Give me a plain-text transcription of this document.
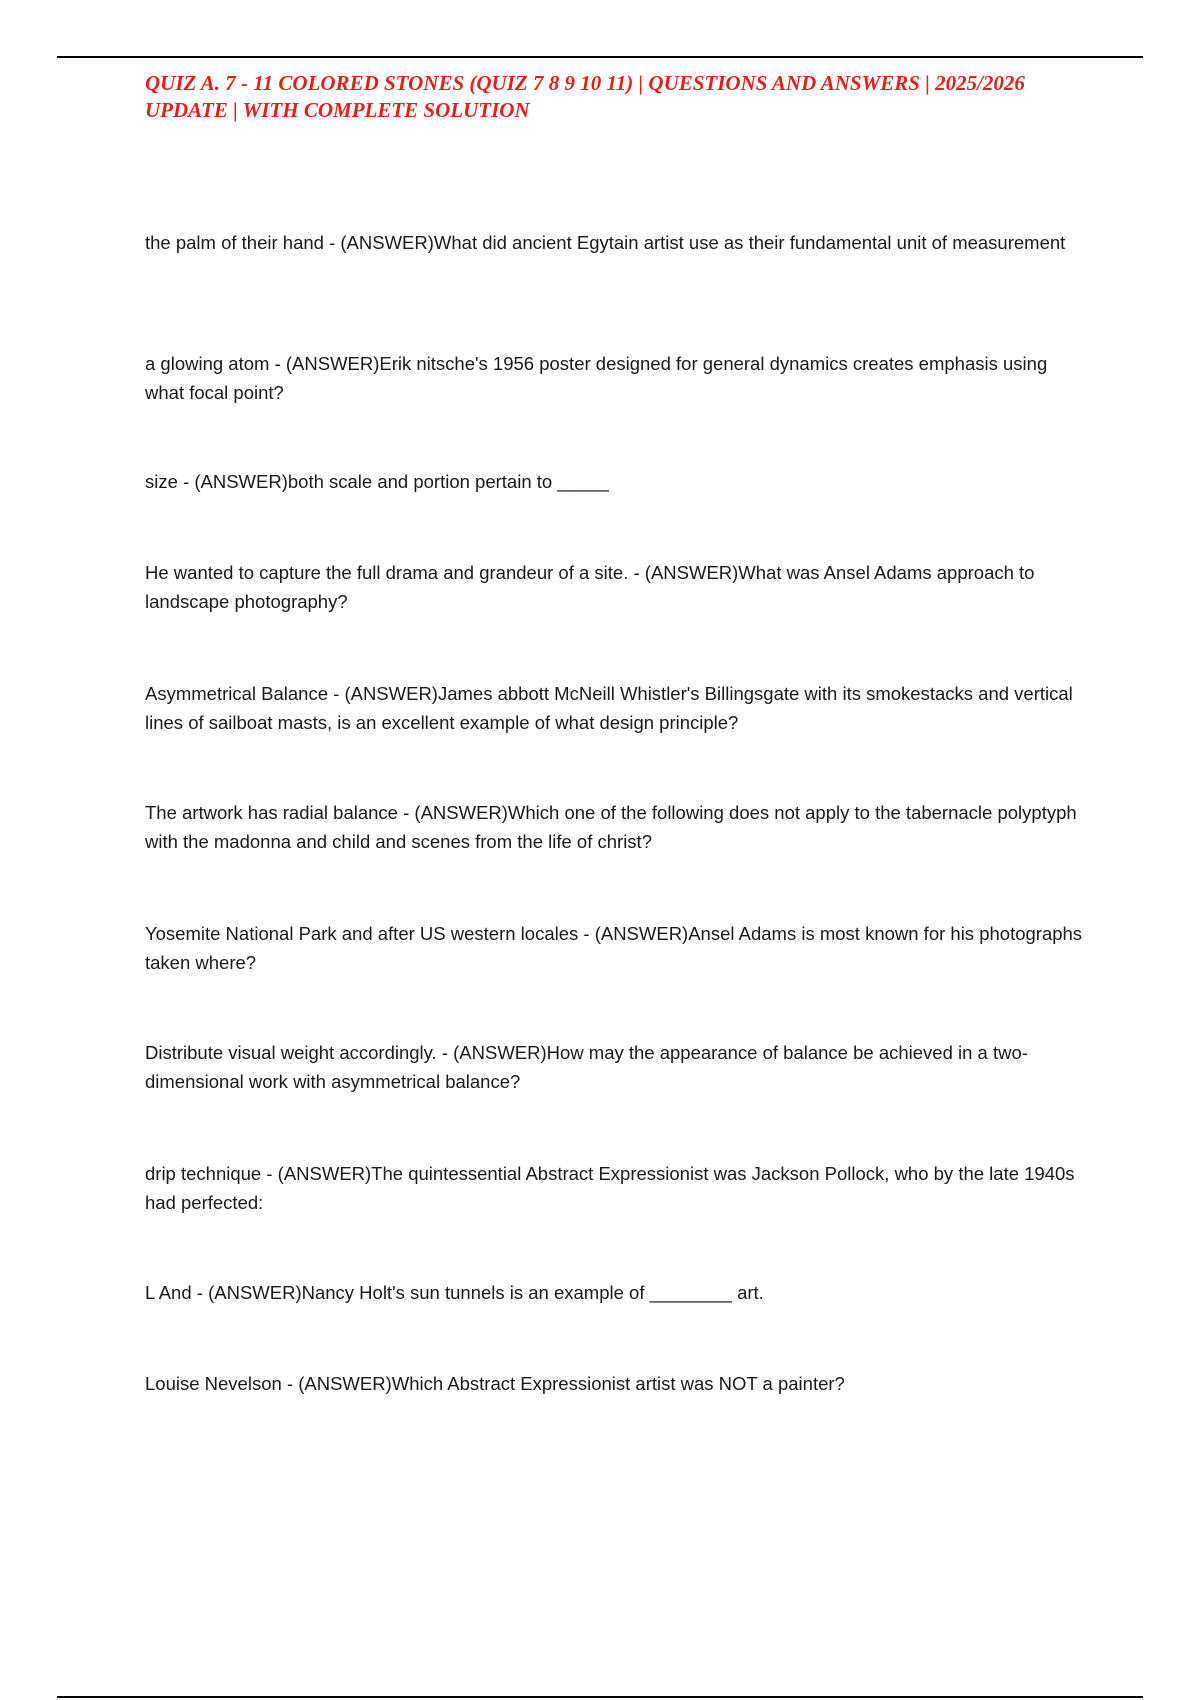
QUIZ A. 7 - 11 COLORED STONES (QUIZ 7 8 9 10 11) | QUESTIONS AND ANSWERS | 2025/2026 UPDATE | WITH COMPLETE SOLUTION

the palm of their hand - (ANSWER)What did ancient Egytain artist use as their fundamental unit of measurement

a glowing atom - (ANSWER)Erik nitsche's 1956 poster designed for general dynamics creates emphasis using what focal point?

size - (ANSWER)both scale and portion pertain to _____

He wanted to capture the full drama and grandeur of a site. - (ANSWER)What was Ansel Adams approach to landscape photography?

Asymmetrical Balance - (ANSWER)James abbott McNeill Whistler's Billingsgate with its smokestacks and vertical lines of sailboat masts, is an excellent example of what design principle?

The artwork has radial balance - (ANSWER)Which one of the following does not apply to the tabernacle polyptyph with the madonna and child and scenes from the life of christ?

Yosemite National Park and after US western locales - (ANSWER)Ansel Adams is most known for his photographs taken where?

Distribute visual weight accordingly. - (ANSWER)How may the appearance of balance be achieved in a two-dimensional work with asymmetrical balance?

drip technique - (ANSWER)The quintessential Abstract Expressionist was Jackson Pollock, who by the late 1940s had perfected:

L And - (ANSWER)Nancy Holt's sun tunnels is an example of ________ art.

Louise Nevelson - (ANSWER)Which Abstract Expressionist artist was NOT a painter?
